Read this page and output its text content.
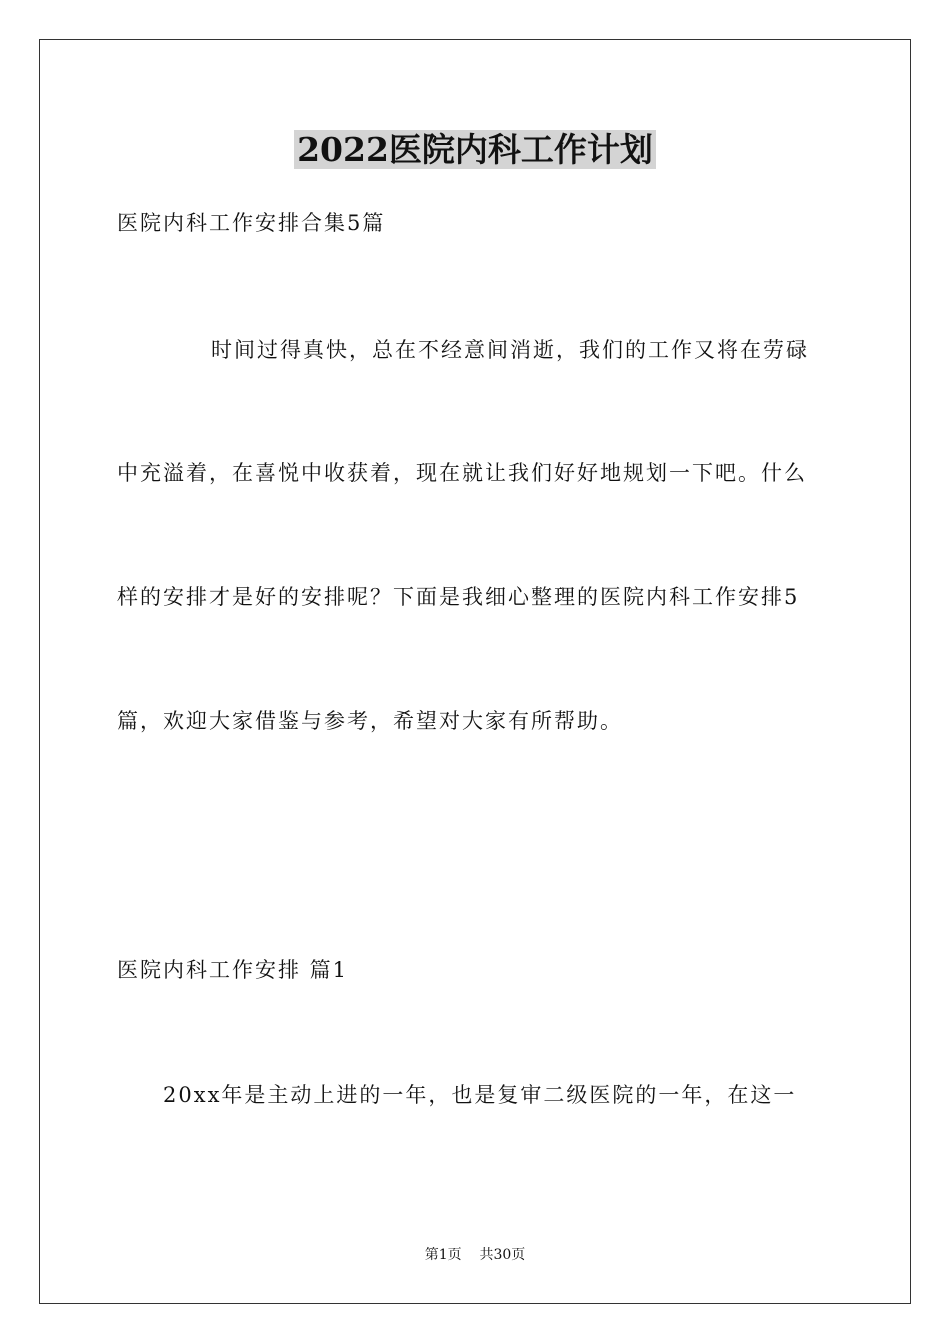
2022医院内科工作计划
医院内科工作安排合集5篇
时间过得真快，总在不经意间消逝，我们的工作又将在劳碌
中充溢着，在喜悦中收获着，现在就让我们好好地规划一下吧。什么
样的安排才是好的安排呢？下面是我细心整理的医院内科工作安排5
篇，欢迎大家借鉴与参考，希望对大家有所帮助。
医院内科工作安排 篇1
20xx年是主动上进的一年，也是复审二级医院的一年，在这一
第1页    共30页
